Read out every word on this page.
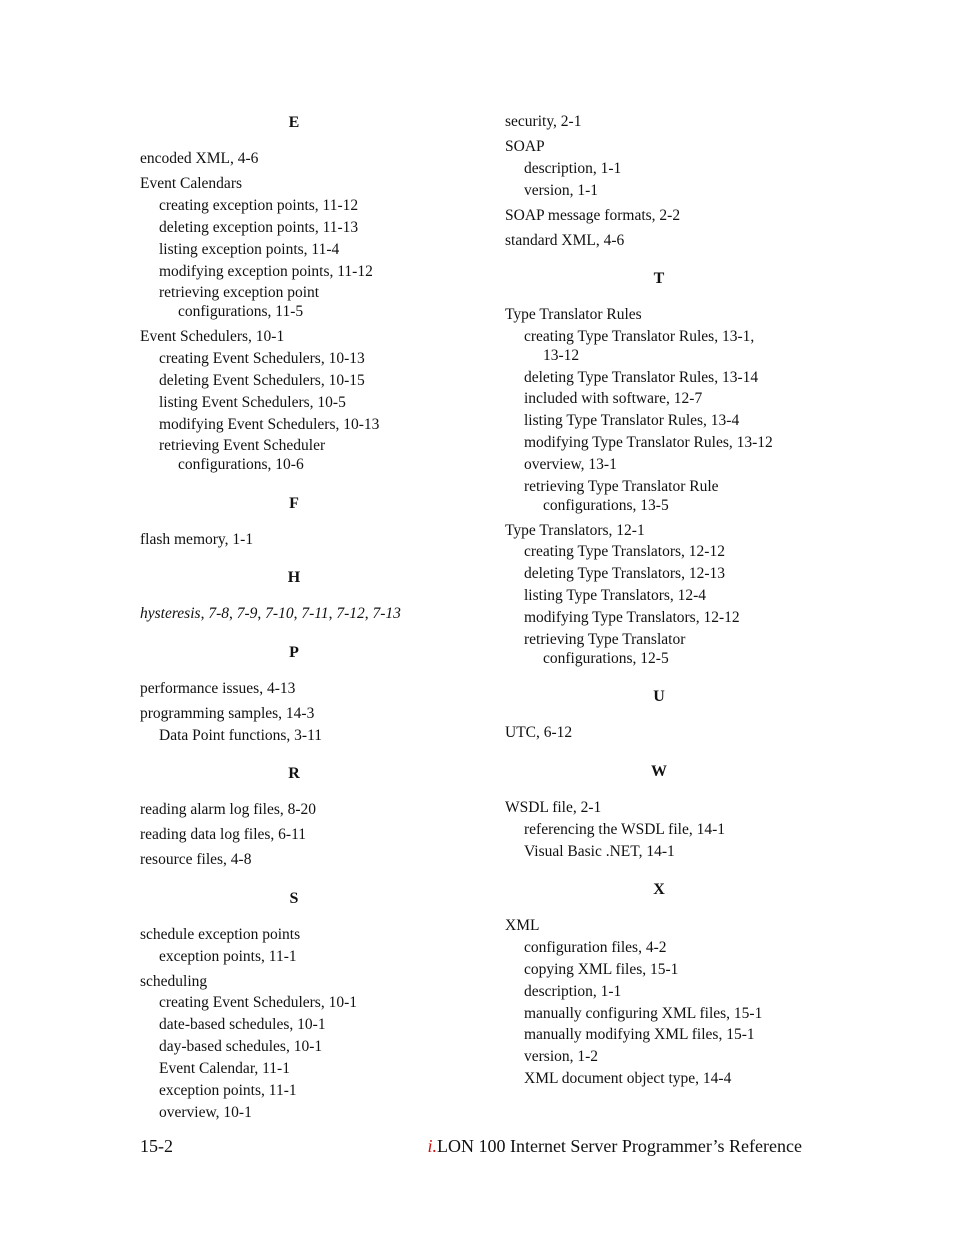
E
encoded XML, 4-6
Event Calendars
creating exception points, 11-12
deleting exception points, 11-13
listing exception points, 11-4
modifying exception points, 11-12
retrieving exception point
configurations, 11-5
Event Schedulers, 10-1
creating Event Schedulers, 10-13
deleting Event Schedulers, 10-15
listing Event Schedulers, 10-5
modifying Event Schedulers, 10-13
retrieving Event Scheduler
configurations, 10-6
F
flash memory, 1-1
H
hysteresis, 7-8, 7-9, 7-10, 7-11, 7-12, 7-13
P
performance issues, 4-13
programming samples, 14-3
Data Point functions, 3-11
R
reading alarm log files, 8-20
reading data log files, 6-11
resource files, 4-8
S
schedule exception points
exception points, 11-1
scheduling
creating Event Schedulers, 10-1
date-based schedules, 10-1
day-based schedules, 10-1
Event Calendar, 11-1
exception points, 11-1
overview, 10-1
security, 2-1
SOAP
description, 1-1
version, 1-1
SOAP message formats, 2-2
standard XML, 4-6
T
Type Translator Rules
creating Type Translator Rules, 13-1,
13-12
deleting Type Translator Rules, 13-14
included with software, 12-7
listing Type Translator Rules, 13-4
modifying Type Translator Rules, 13-12
overview, 13-1
retrieving Type Translator Rule
configurations, 13-5
Type Translators, 12-1
creating Type Translators, 12-12
deleting Type Translators, 12-13
listing Type Translators, 12-4
modifying Type Translators, 12-12
retrieving Type Translator
configurations, 12-5
U
UTC, 6-12
W
WSDL file, 2-1
referencing the WSDL file, 14-1
Visual Basic .NET, 14-1
X
XML
configuration files, 4-2
copying XML files, 15-1
description, 1-1
manually configuring XML files, 15-1
manually modifying XML files, 15-1
version, 1-2
XML document object type, 14-4
15-2	i.LON 100 Internet Server Programmer’s Reference
